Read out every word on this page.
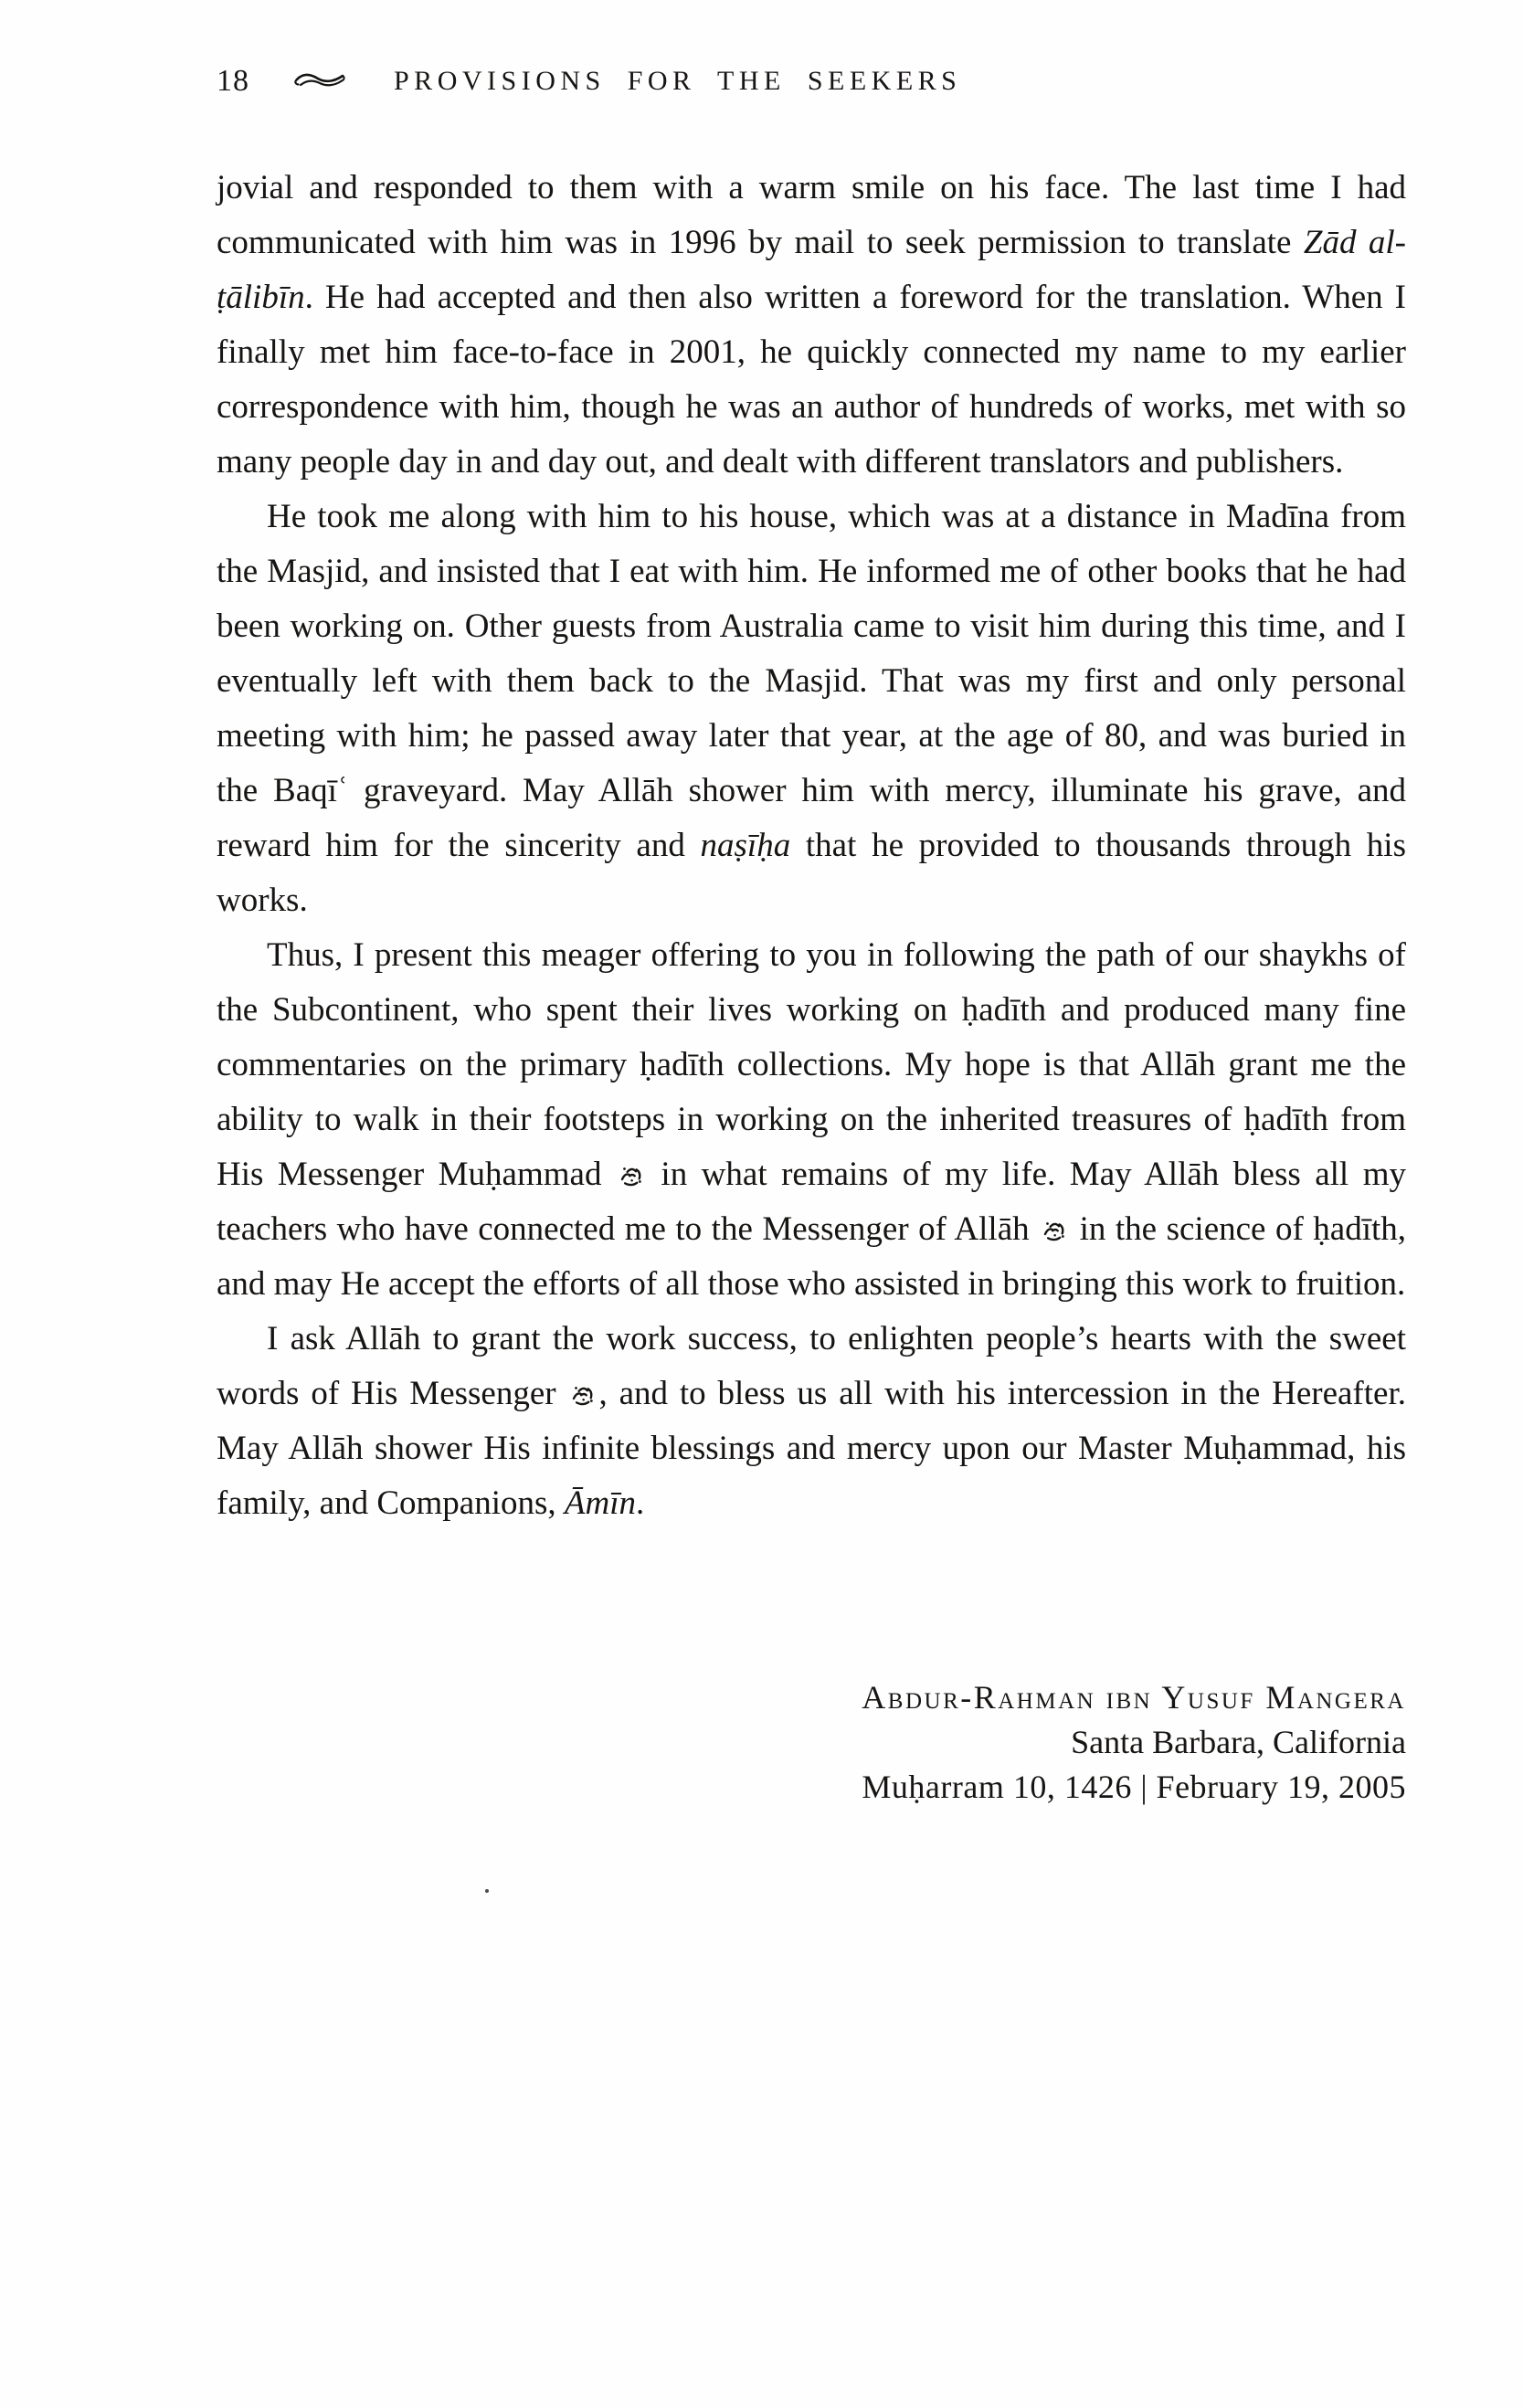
18	PROVISIONS FOR THE SEEKERS
jovial and responded to them with a warm smile on his face. The last time I had communicated with him was in 1996 by mail to seek permission to translate Zād al-ṭālibīn. He had accepted and then also written a foreword for the translation. When I finally met him face-to-face in 2001, he quickly connected my name to my earlier correspondence with him, though he was an author of hundreds of works, met with so many people day in and day out, and dealt with different translators and publishers.
He took me along with him to his house, which was at a distance in Madīna from the Masjid, and insisted that I eat with him. He informed me of other books that he had been working on. Other guests from Australia came to visit him during this time, and I eventually left with them back to the Masjid. That was my first and only personal meeting with him; he passed away later that year, at the age of 80, and was buried in the Baqīʿ graveyard. May Allāh shower him with mercy, illuminate his grave, and reward him for the sincerity and naṣīḥa that he provided to thousands through his works.
Thus, I present this meager offering to you in following the path of our shaykhs of the Subcontinent, who spent their lives working on ḥadīth and produced many fine commentaries on the primary ḥadīth collections. My hope is that Allāh grant me the ability to walk in their footsteps in working on the inherited treasures of ḥadīth from His Messenger Muḥammad
in what remains of my life. May Allāh bless all my teachers who have connected me to the Messenger of Allāh
in the science of ḥadīth, and may He accept the efforts of all those who assisted in bringing this work to fruition.
I ask Allāh to grant the work success, to enlighten people’s hearts with the sweet words of His Messenger
, and to bless us all with his intercession in the Hereafter. May Allāh shower His infinite blessings and mercy upon our Master Muḥammad, his family, and Companions, Āmīn.
Abdur-Rahman ibn Yusuf Mangera
Santa Barbara, California
Muḥarram 10, 1426 | February 19, 2005
